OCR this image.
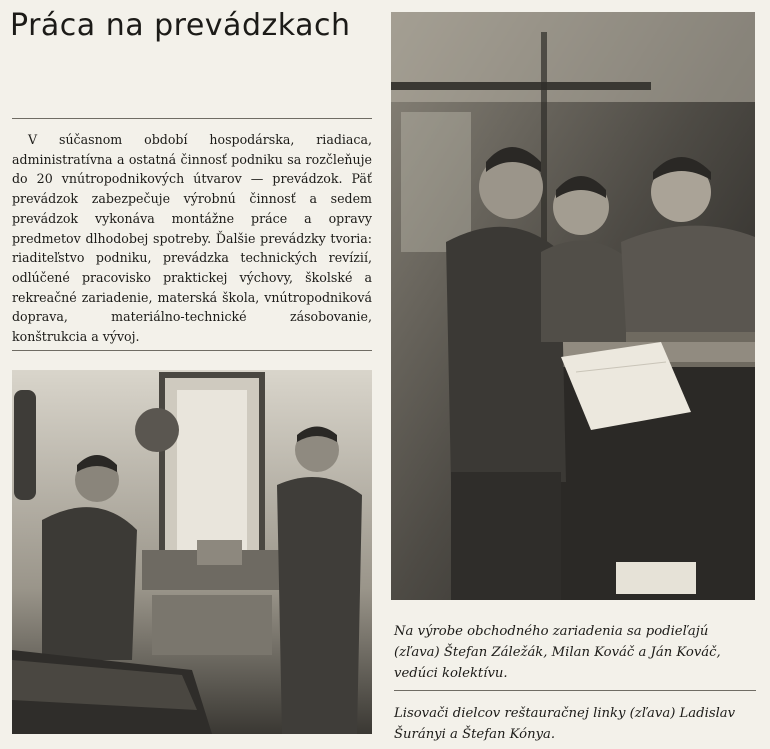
Práca na prevádzkach

V súčasnom období hospodárska, riadiaca, administratívna a ostatná činnosť podniku sa rozčleňuje do 20 vnútropodnikových útvarov — prevádzok. Päť prevádzok zabezpečuje výrobnú činnosť a sedem prevádzok vykonáva montážne práce a opravy predmetov dlhodobej spotreby. Ďalšie prevádzky tvoria: riaditeľstvo podniku, prevádzka technických revízií, odlúčené pracovisko praktickej výchovy, školské a rekreačné zariadenie, materská škola, vnútropodniková doprava, materiálno-technické zásobovanie, konštrukcia a vývoj.

Na výrobe obchodného zariadenia sa podieľajú (zľava) Štefan Záležák, Milan Kováč a Ján Kováč, vedúci kolektívu.

Lisovači dielcov reštauračnej linky (zľava) Ladislav Šurányi a Štefan Kónya.
